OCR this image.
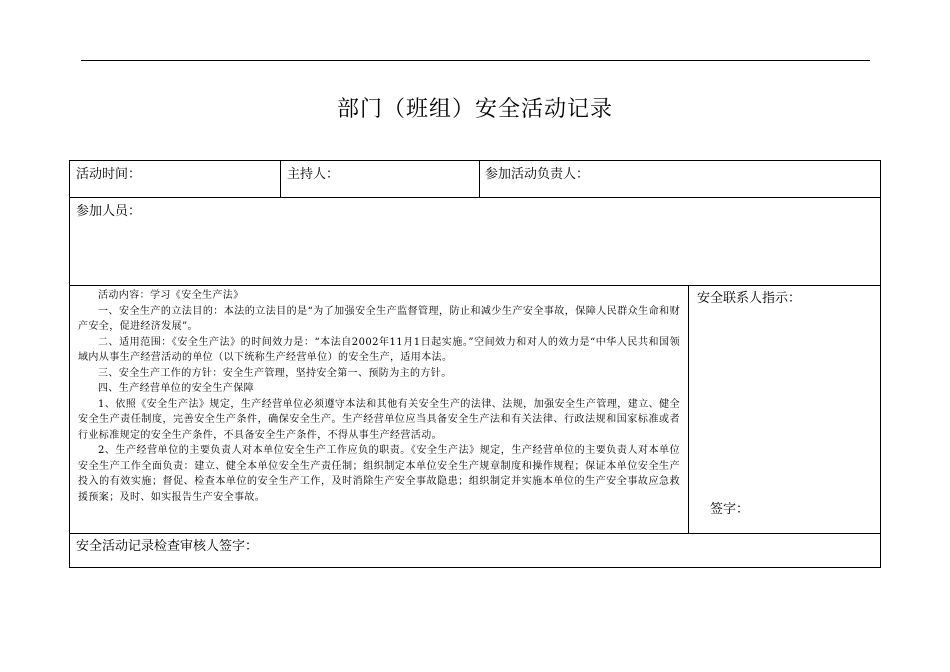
部门（班组）安全活动记录
活动时间：	主持人：	参加活动负责人：
参加人员：

活动内容：学习《安全生产法》

一、安全生产的立法目的：本法的立法目的是“为了加强安全生产监督管理，防止和减少生产安全事故，保障人民群众生命和财产安全，促进经济发展”。

二、适用范围：《安全生产法》的时间效力是：“本法自2002年11月1日起实施。”空间效力和对人的效力是“中华人民共和国领域内从事生产经营活动的单位（以下统称生产经营单位）的安全生产，适用本法。

三、安全生产工作的方针：安全生产管理，坚持安全第一、预防为主的方针。

四、生产经营单位的安全生产保障

1、依照《安全生产法》规定，生产经营单位必须遵守本法和其他有关安全生产的法律、法规，加强安全生产管理，建立、健全安全生产责任制度，完善安全生产条件，确保安全生产。生产经营单位应当具备安全生产法和有关法律、行政法规和国家标准或者行业标准规定的安全生产条件，不具备安全生产条件，不得从事生产经营活动。

2、生产经营单位的主要负责人对本单位安全生产工作应负的职责。《安全生产法》规定，生产经营单位的主要负责人对本单位安全生产工作全面负责：建立、健全本单位安全生产责任制；组织制定本单位安全生产规章制度和操作规程；保证本单位安全生产投入的有效实施；督促、检查本单位的安全生产工作，及时消除生产安全事故隐患；组织制定并实施本单位的生产安全事故应急救援预案；及时、如实报告生产安全事故。

安全联系人指示：
签字：
安全活动记录检查审核人签字：
